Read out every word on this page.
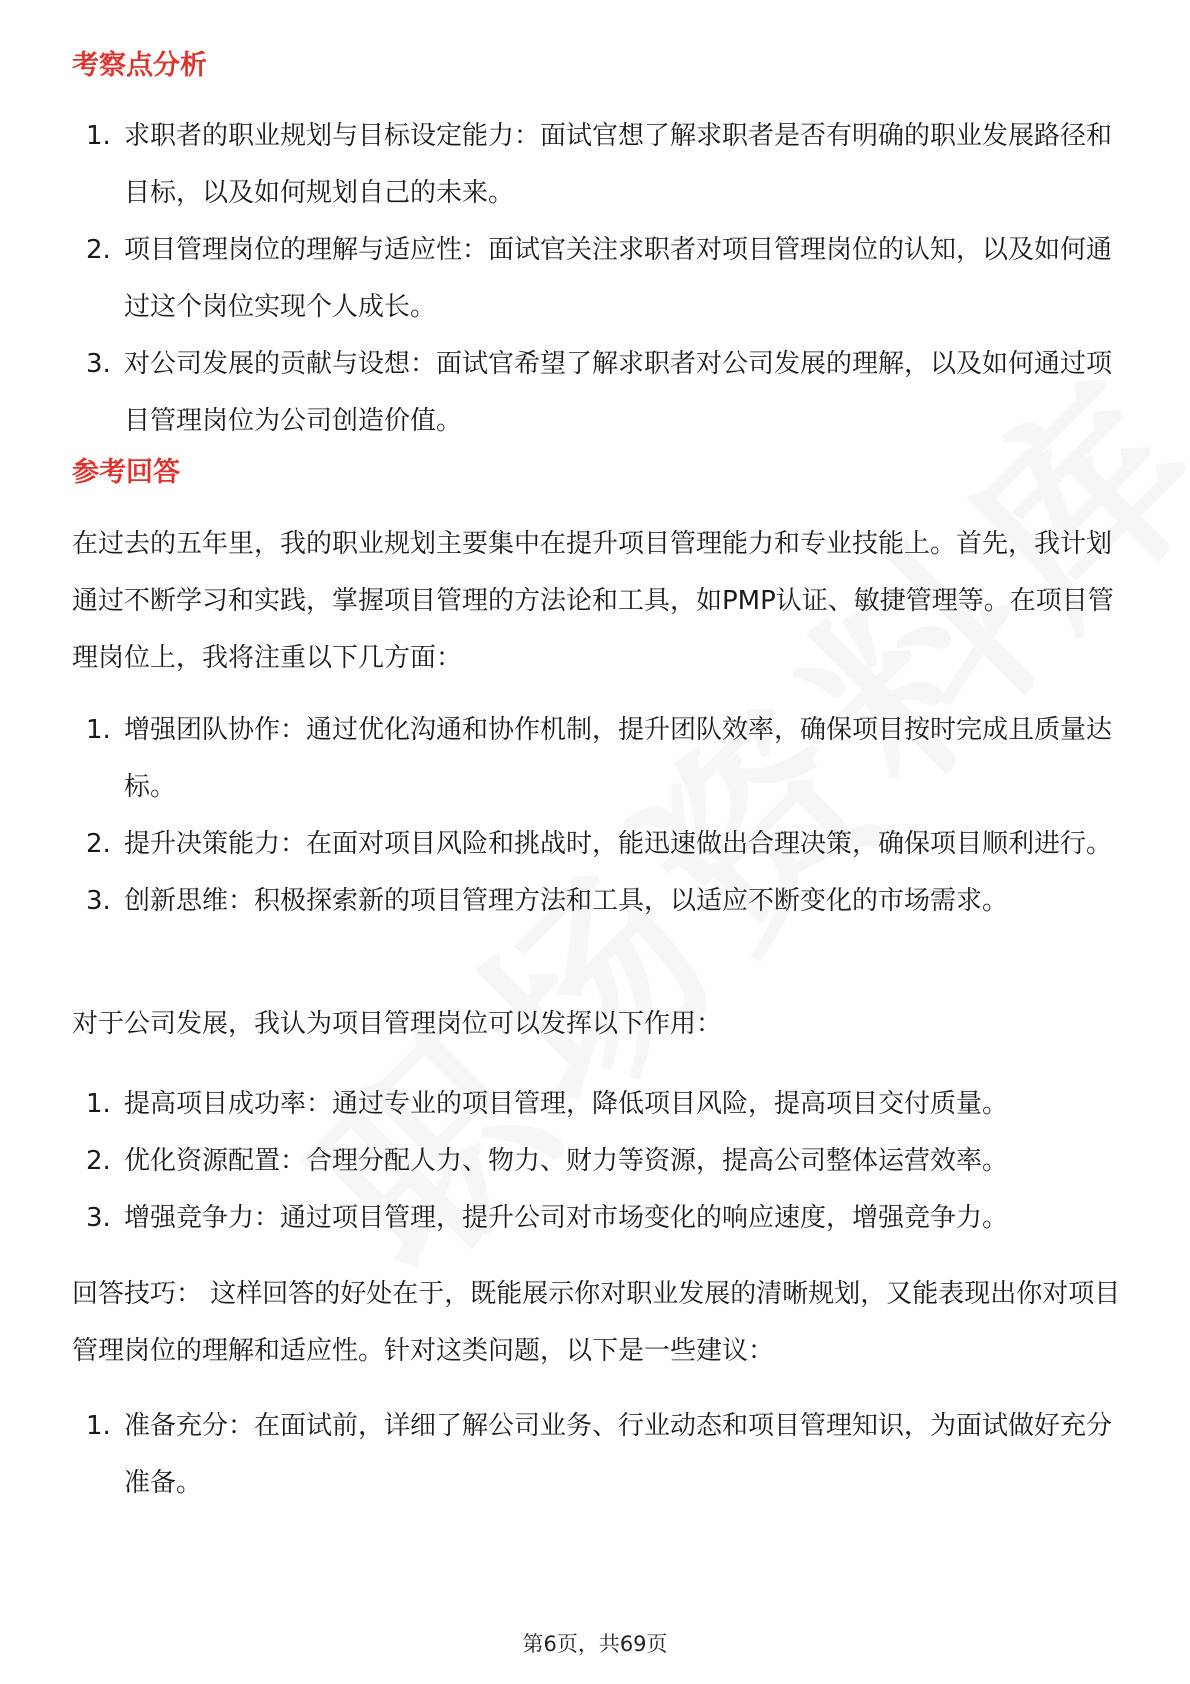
考察点分析
1. 求职者的职业规划与目标设定能力：面试官想了解求职者是否有明确的职业发展路径和目标，以及如何规划自己的未来。
2. 项目管理岗位的理解与适应性：面试官关注求职者对项目管理岗位的认知，以及如何通过这个岗位实现个人成长。
3. 对公司发展的贡献与设想：面试官希望了解求职者对公司发展的理解，以及如何通过项目管理岗位为公司创造价值。
参考回答

在过去的五年里，我的职业规划主要集中在提升项目管理能力和专业技能上。首先，我计划通过不断学习和实践，掌握项目管理的方法论和工具，如PMP认证、敏捷管理等。在项目管理岗位上，我将注重以下几方面：

1. 增强团队协作：通过优化沟通和协作机制，提升团队效率，确保项目按时完成且质量达标。
2. 提升决策能力：在面对项目风险和挑战时，能迅速做出合理决策，确保项目顺利进行。
3. 创新思维：积极探索新的项目管理方法和工具，以适应不断变化的市场需求。

对于公司发展，我认为项目管理岗位可以发挥以下作用：

1. 提高项目成功率：通过专业的项目管理，降低项目风险，提高项目交付质量。
2. 优化资源配置：合理分配人力、物力、财力等资源，提高公司整体运营效率。
3. 增强竞争力：通过项目管理，提升公司对市场变化的响应速度，增强竞争力。

回答技巧： 这样回答的好处在于，既能展示你对职业发展的清晰规划，又能表现出你对项目管理岗位的理解和适应性。针对这类问题，以下是一些建议：

1. 准备充分：在面试前，详细了解公司业务、行业动态和项目管理知识，为面试做好充分准备。
第6页，共69页
